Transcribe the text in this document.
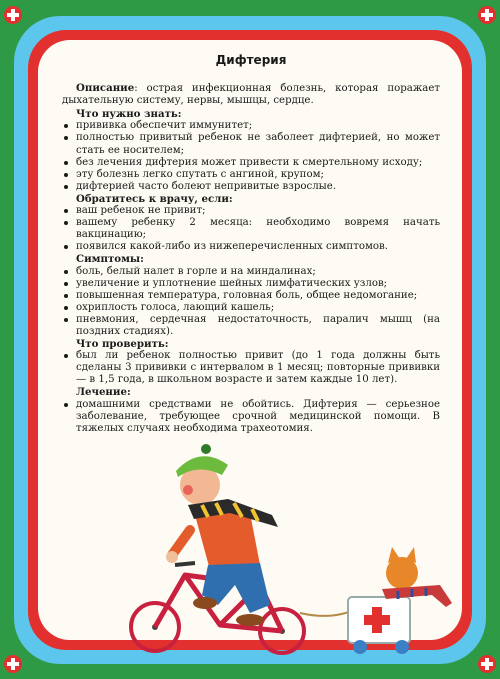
Дифтерия

Описание: острая инфекционная болезнь, которая поражает дыхательную систему, нервы, мышцы, сердце.

Что нужно знать:
прививка обеспечит иммунитет;
полностью привитый ребенок не заболеет дифтерией, но может стать ее носителем;
без лечения дифтерия может привести к смертельному исходу;
эту болезнь легко спутать с ангиной, крупом;
дифтерией часто болеют непривитые взрослые.
Обратитесь к врачу, если:
ваш ребенок не привит;
вашему ребенку 2 месяца: необходимо вовремя начать вакцинацию;
появился какой-либо из нижеперечисленных симптомов.
Симптомы:
боль, белый налет в горле и на миндалинах;
увеличение и уплотнение шейных лимфатических узлов;
повышенная температура, головная боль, общее недомогание;
охриплость голоса, лающий кашель;
пневмония, сердечная недостаточность, паралич мышц (на поздних стадиях).
Что проверить:
был ли ребенок полностью привит (до 1 года должны быть сделаны 3 прививки с интервалом в 1 месяц; повторные прививки — в 1,5 года, в школьном возрасте и затем каждые 10 лет).
Лечение:
домашними средствами не обойтись. Дифтерия — серьезное заболевание, требующее срочной медицинской помощи. В тяжелых случаях необходима трахеотомия.
